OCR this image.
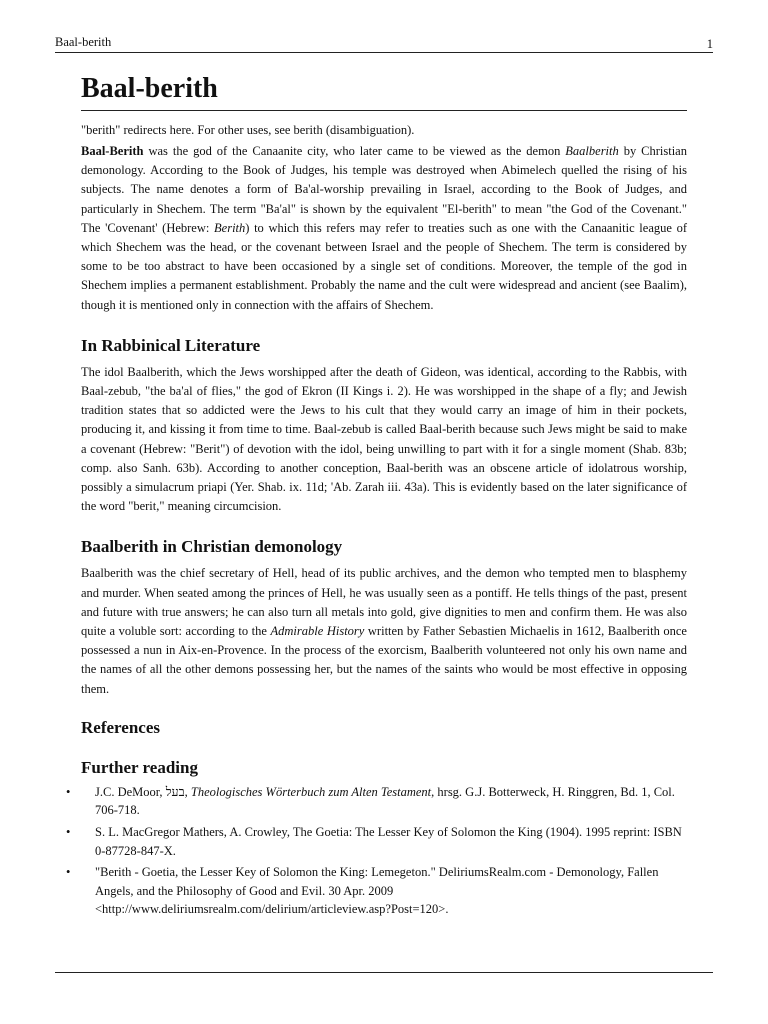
Baal-berith	1
Baal-berith
"berith" redirects here. For other uses, see berith (disambiguation).

Baal-Berith was the god of the Canaanite city, who later came to be viewed as the demon Baalberith by Christian demonology. According to the Book of Judges, his temple was destroyed when Abimelech quelled the rising of his subjects. The name denotes a form of Ba'al-worship prevailing in Israel, according to the Book of Judges, and particularly in Shechem. The term "Ba'al" is shown by the equivalent "El-berith" to mean "the God of the Covenant." The 'Covenant' (Hebrew: Berith) to which this refers may refer to treaties such as one with the Canaanitic league of which Shechem was the head, or the covenant between Israel and the people of Shechem. The term is considered by some to be too abstract to have been occasioned by a single set of conditions. Moreover, the temple of the god in Shechem implies a permanent establishment. Probably the name and the cult were widespread and ancient (see Baalim), though it is mentioned only in connection with the affairs of Shechem.

In Rabbinical Literature

The idol Baalberith, which the Jews worshipped after the death of Gideon, was identical, according to the Rabbis, with Baal-zebub, "the ba'al of flies," the god of Ekron (II Kings i. 2). He was worshipped in the shape of a fly; and Jewish tradition states that so addicted were the Jews to his cult that they would carry an image of him in their pockets, producing it, and kissing it from time to time. Baal-zebub is called Baal-berith because such Jews might be said to make a covenant (Hebrew: "Berit") of devotion with the idol, being unwilling to part with it for a single moment (Shab. 83b; comp. also Sanh. 63b). According to another conception, Baal-berith was an obscene article of idolatrous worship, possibly a simulacrum priapi (Yer. Shab. ix. 11d; 'Ab. Zarah iii. 43a). This is evidently based on the later significance of the word "berit," meaning circumcision.

Baalberith in Christian demonology

Baalberith was the chief secretary of Hell, head of its public archives, and the demon who tempted men to blasphemy and murder. When seated among the princes of Hell, he was usually seen as a pontiff. He tells things of the past, present and future with true answers; he can also turn all metals into gold, give dignities to men and confirm them. He was also quite a voluble sort: according to the Admirable History written by Father Sebastien Michaelis in 1612, Baalberith once possessed a nun in Aix-en-Provence. In the process of the exorcism, Baalberith volunteered not only his own name and the names of all the other demons possessing her, but the names of the saints who would be most effective in opposing them.

References
Further reading
• J.C. DeMoor, בעל, Theologisches Wörterbuch zum Alten Testament, hrsg. G.J. Botterweck, H. Ringgren, Bd. 1, Col. 706-718.
• S. L. MacGregor Mathers, A. Crowley, The Goetia: The Lesser Key of Solomon the King (1904). 1995 reprint: ISBN 0-87728-847-X.
• "Berith - Goetia, the Lesser Key of Solomon the King: Lemegeton." DeliriumsRealm.com - Demonology, Fallen Angels, and the Philosophy of Good and Evil. 30 Apr. 2009 <http://www.deliriumsrealm.com/delirium/articleview.asp?Post=120>.
